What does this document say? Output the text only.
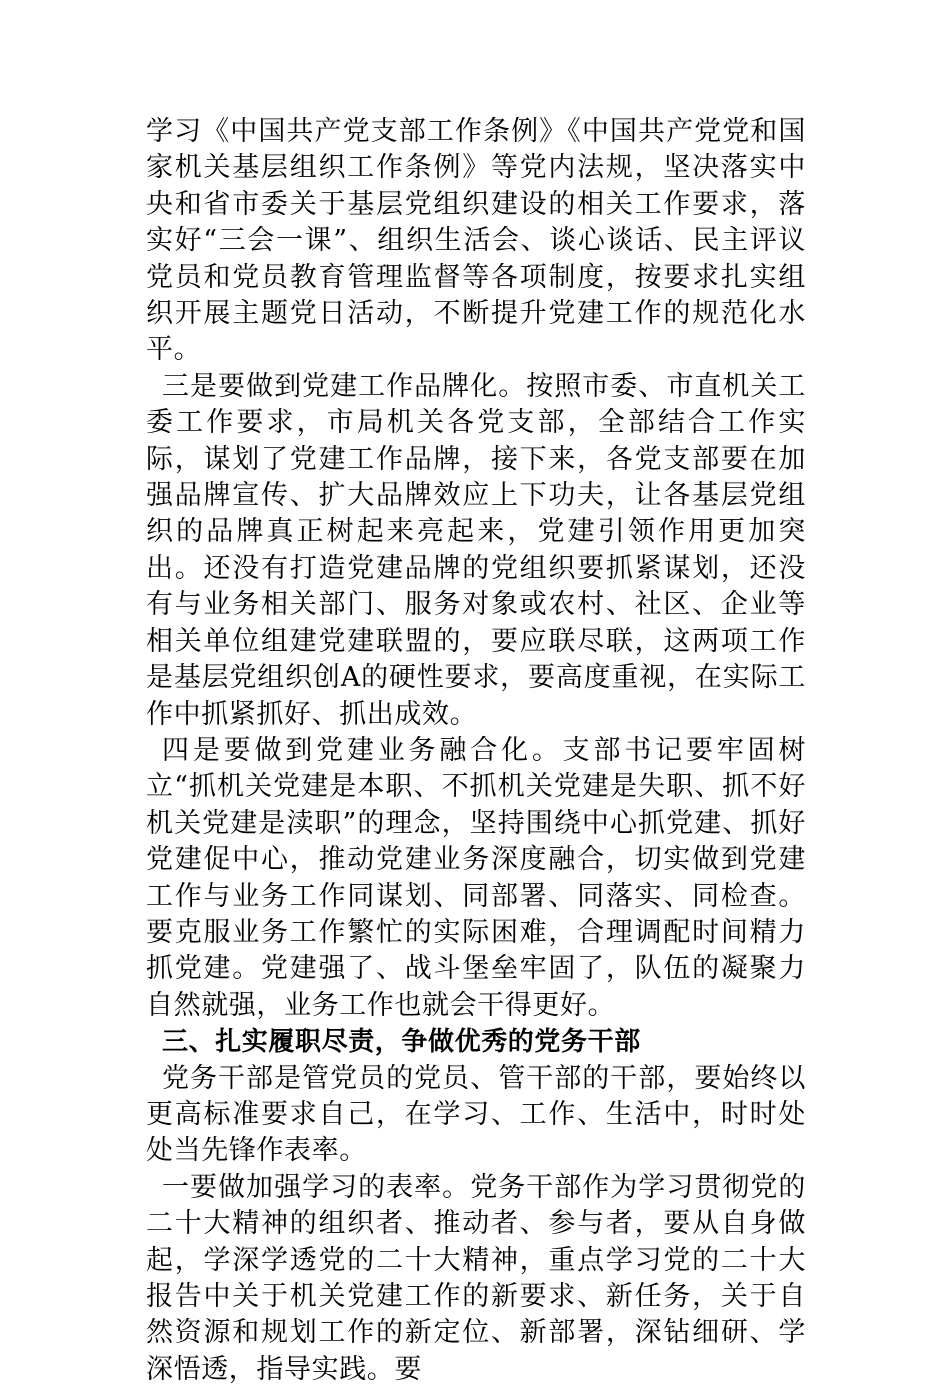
学习《中国共产党支部工作条例》《中国共产党党和国家机关基层组织工作条例》等党内法规，坚决落实中央和省市委关于基层党组织建设的相关工作要求，落实好“三会一课”、组织生活会、谈心谈话、民主评议党员和党员教育管理监督等各项制度，按要求扎实组织开展主题党日活动，不断提升党建工作的规范化水平。

三是要做到党建工作品牌化。按照市委、市直机关工委工作要求，市局机关各党支部，全部结合工作实际，谋划了党建工作品牌，接下来，各党支部要在加强品牌宣传、扩大品牌效应上下功夫，让各基层党组织的品牌真正树起来亮起来，党建引领作用更加突出。还没有打造党建品牌的党组织要抓紧谋划，还没有与业务相关部门、服务对象或农村、社区、企业等相关单位组建党建联盟的，要应联尽联，这两项工作是基层党组织创A的硬性要求，要高度重视，在实际工作中抓紧抓好、抓出成效。

四是要做到党建业务融合化。支部书记要牢固树立“抓机关党建是本职、不抓机关党建是失职、抓不好机关党建是渎职”的理念，坚持围绕中心抓党建、抓好党建促中心，推动党建业务深度融合，切实做到党建工作与业务工作同谋划、同部署、同落实、同检查。要克服业务工作繁忙的实际困难，合理调配时间精力抓党建。党建强了、战斗堡垒牢固了，队伍的凝聚力自然就强，业务工作也就会干得更好。

三、扎实履职尽责，争做优秀的党务干部

党务干部是管党员的党员、管干部的干部，要始终以更高标准要求自己，在学习、工作、生活中，时时处处当先锋作表率。

一要做加强学习的表率。党务干部作为学习贯彻党的二十大精神的组织者、推动者、参与者，要从自身做起，学深学透党的二十大精神，重点学习党的二十大报告中关于机关党建工作的新要求、新任务，关于自然资源和规划工作的新定位、新部署，深钻细研、学深悟透，指导实践。要
